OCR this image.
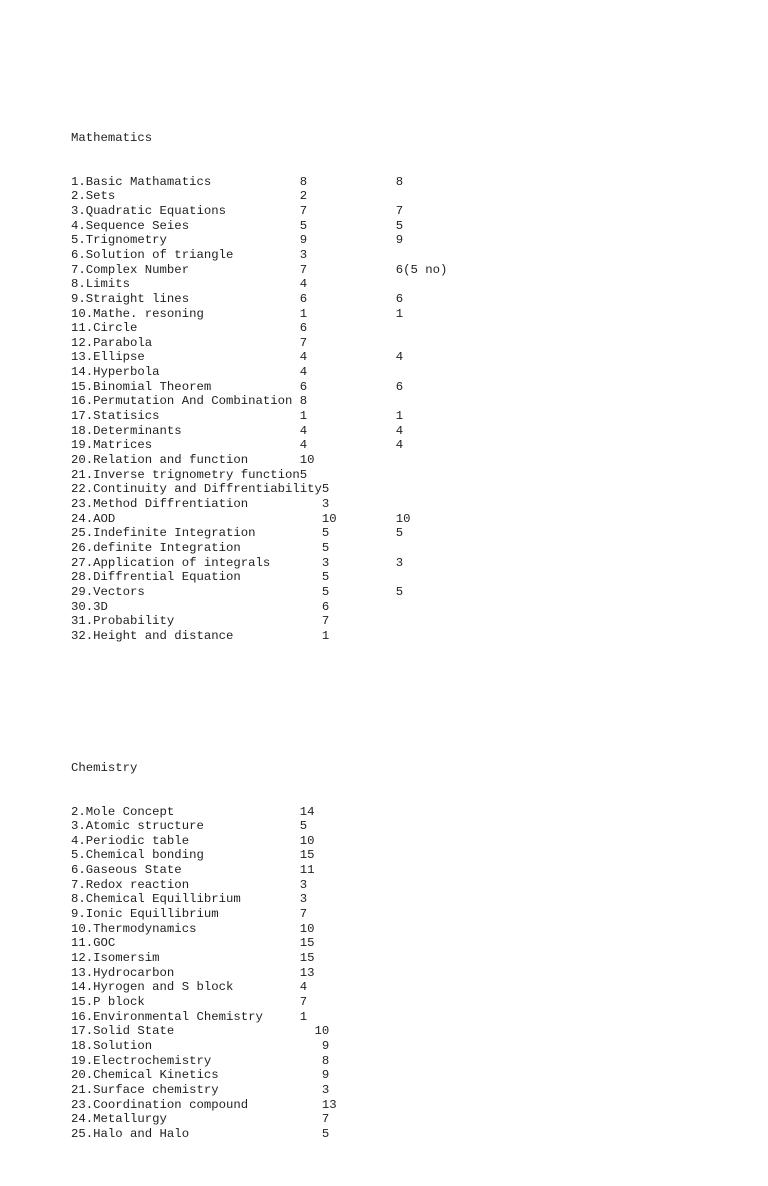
Mathematics

1.Basic Mathamatics            8            8
2.Sets                         2
3.Quadratic Equations          7            7
4.Sequence Seies               5            5
5.Trignometry                  9            9
6.Solution of triangle         3
7.Complex Number               7            6(5 no)
8.Limits                       4
9.Straight lines               6            6
10.Mathe. resoning             1            1
11.Circle                      6
12.Parabola                    7
13.Ellipse                     4            4
14.Hyperbola                   4
15.Binomial Theorem            6            6
16.Permutation And Combination 8
17.Statisics                   1            1
18.Determinants                4            4
19.Matrices                    4            4
20.Relation and function       10
21.Inverse trignometry function5
22.Continuity and Diffrentiability5
23.Method Diffrentiation          3
24.AOD                            10        10
25.Indefinite Integration         5         5
26.definite Integration           5
27.Application of integrals       3         3
28.Diffrential Equation           5
29.Vectors                        5         5
30.3D                             6
31.Probability                    7
32.Height and distance            1

Chemistry

2.Mole Concept                 14
3.Atomic structure             5
4.Periodic table               10
5.Chemical bonding             15
6.Gaseous State                11
7.Redox reaction               3
8.Chemical Equillibrium        3
9.Ionic Equillibrium           7
10.Thermodynamics              10
11.GOC                         15
12.Isomersim                   15
13.Hydrocarbon                 13
14.Hyrogen and S block         4
15.P block                     7
16.Environmental Chemistry     1
17.Solid State                   10
18.Solution                       9
19.Electrochemistry               8
20.Chemical Kinetics              9
21.Surface chemistry              3
23.Coordination compound          13
24.Metallurgy                     7
25.Halo and Halo                  5
